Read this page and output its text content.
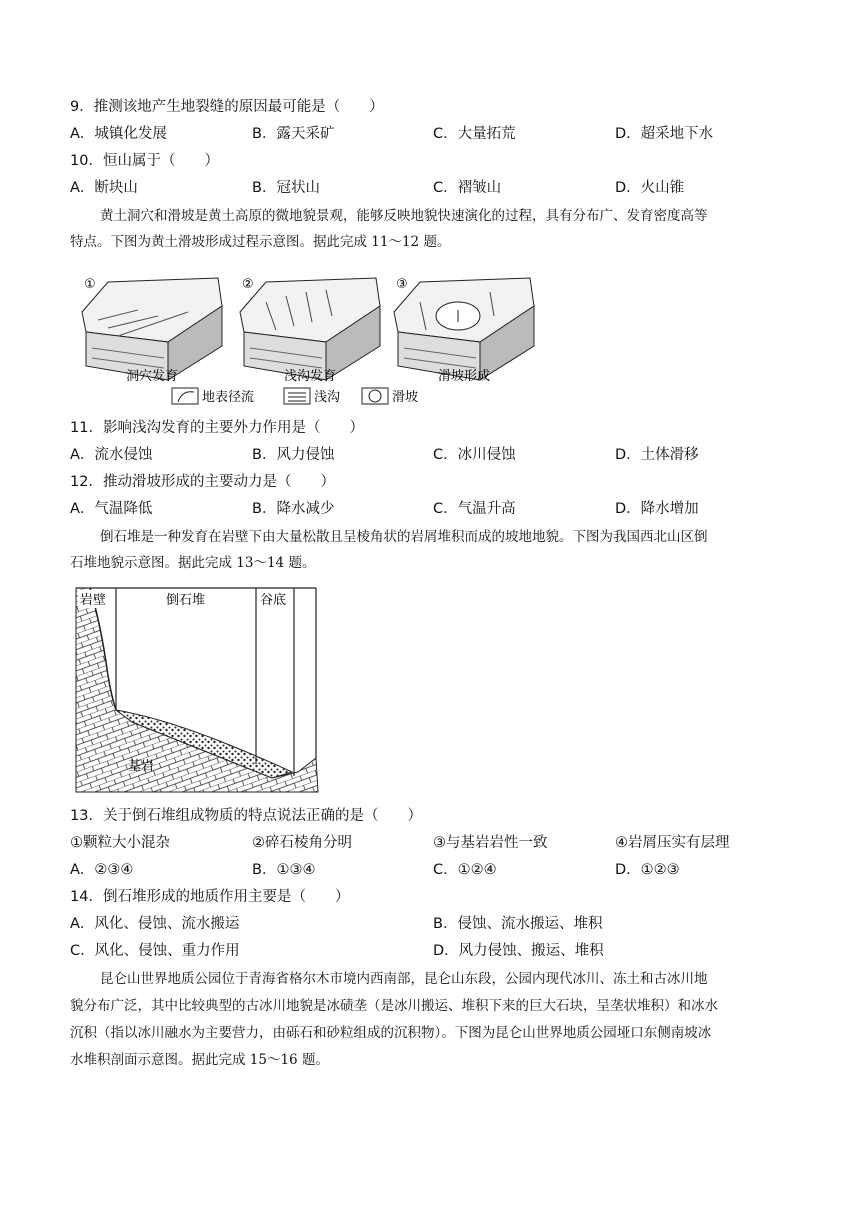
9．推测该地产生地裂缝的原因最可能是（　　）
A．城镇化发展	B．露天采矿	C．大量拓荒	D．超采地下水
10．恒山属于（　　）
A．断块山	B．冠状山	C．褶皱山	D．火山锥
黄土洞穴和滑坡是黄土高原的微地貌景观，能够反映地貌快速演化的过程，具有分布广、发育密度高等
特点。下图为黄土滑坡形成过程示意图。据此完成 11～12 题。
①
洞穴发育
②
浅沟发育
③
滑坡形成
地表径流	浅沟	滑坡
11．影响浅沟发育的主要外力作用是（　　）
A．流水侵蚀	B．风力侵蚀	C．冰川侵蚀	D．土体滑移
12．推动滑坡形成的主要动力是（　　）
A．气温降低	B．降水减少	C．气温升高	D．降水增加
倒石堆是一种发育在岩壁下由大量松散且呈棱角状的岩屑堆积而成的坡地地貌。下图为我国西北山区倒
石堆地貌示意图。据此完成 13～14 题。
岩壁	倒石堆	谷底
基岩
13．关于倒石堆组成物质的特点说法正确的是（　　）
①颗粒大小混杂	②碎石棱角分明	③与基岩岩性一致	④岩屑压实有层理
A．②③④	B．①③④	C．①②④	D．①②③
14．倒石堆形成的地质作用主要是（　　）
A．风化、侵蚀、流水搬运	B．侵蚀、流水搬运、堆积
C．风化、侵蚀、重力作用	D．风力侵蚀、搬运、堆积
昆仑山世界地质公园位于青海省格尔木市境内西南部，昆仑山东段，公园内现代冰川、冻土和古冰川地
貌分布广泛，其中比较典型的古冰川地貌是冰碛垄（是冰川搬运、堆积下来的巨大石块，呈垄状堆积）和冰水
沉积（指以冰川融水为主要营力，由砾石和砂粒组成的沉积物）。下图为昆仑山世界地质公园垭口东侧南坡冰
水堆积剖面示意图。据此完成 15～16 题。
